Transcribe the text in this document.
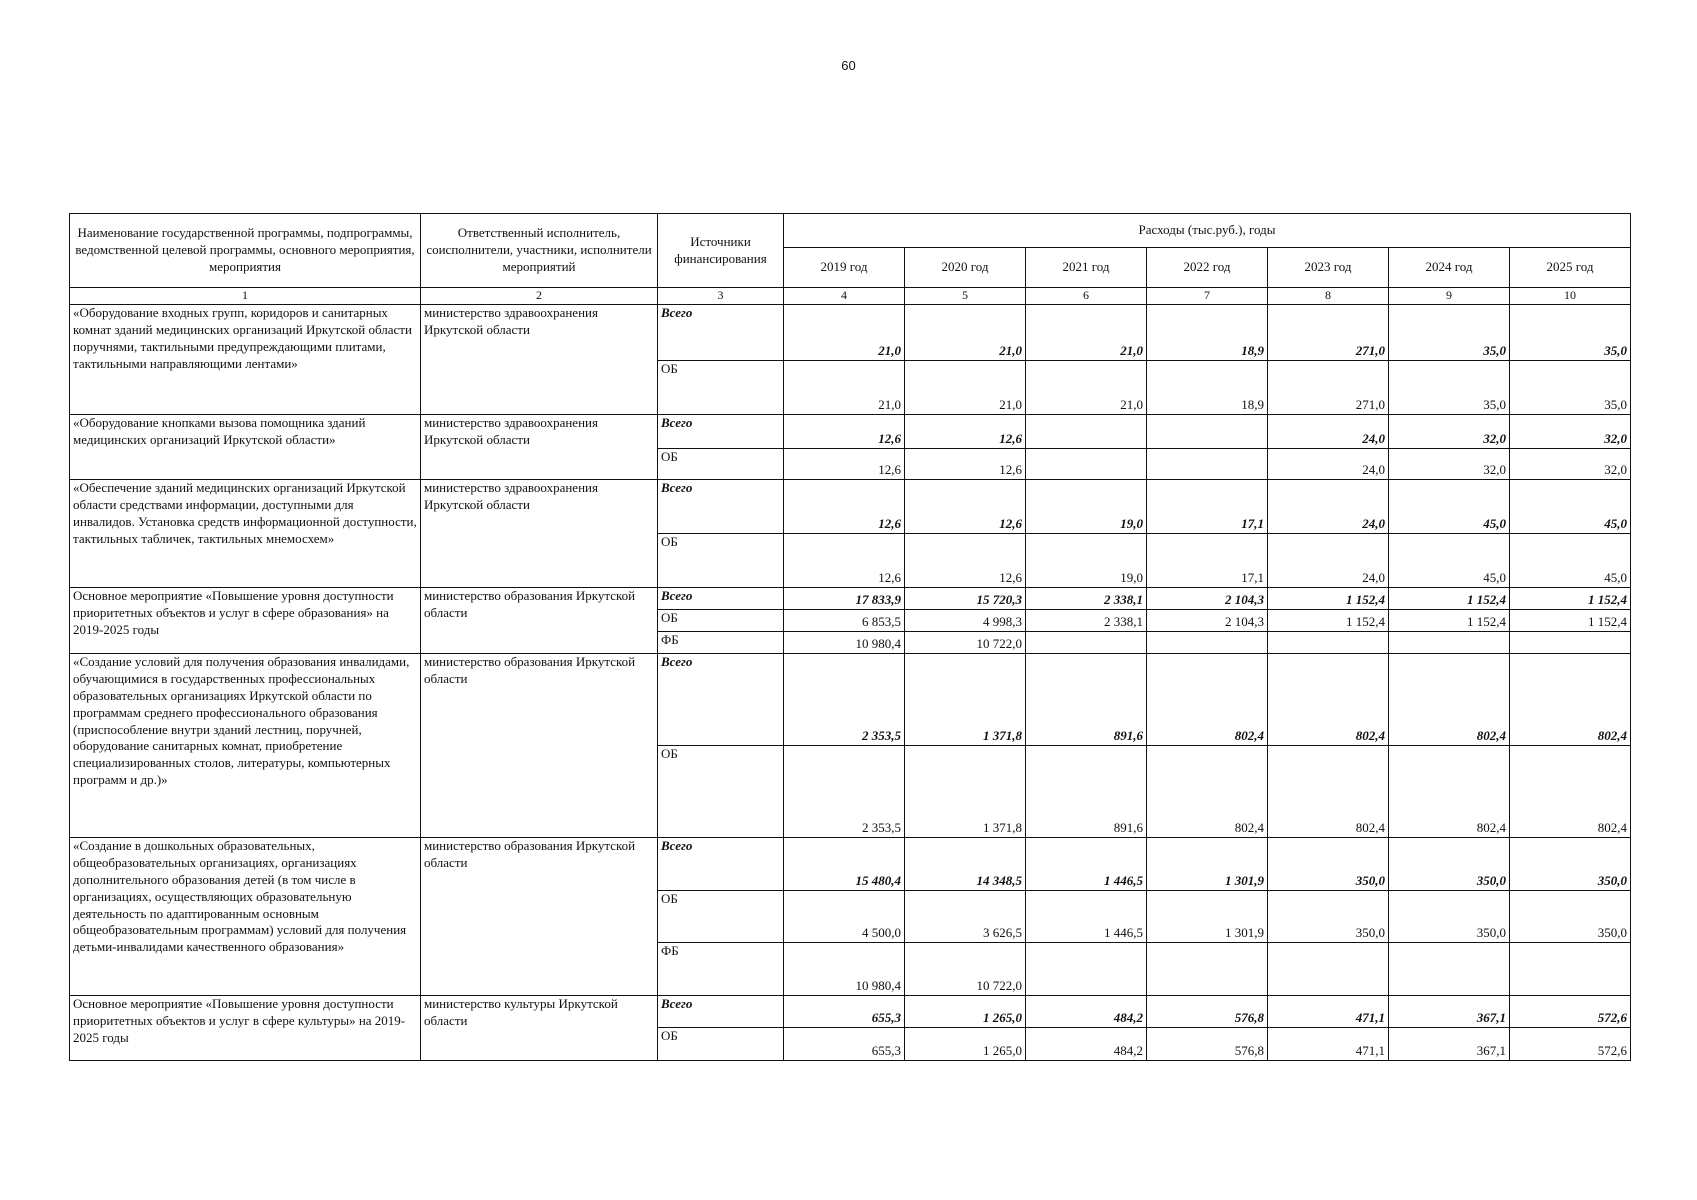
60
Наименование государственной программы, подпрограммы, ведомственной целевой программы, основного мероприятия, мероприятия	Ответственный исполнитель, соисполнители, участники, исполнители мероприятий	Источники финансирования	Расходы (тыс.руб.), годы						
			2019 год	2020 год	2021 год	2022 год	2023 год	2024 год	2025 год
1	2	3	4	5	6	7	8	9	10
«Оборудование входных групп, коридоров и санитарных комнат зданий медицинских организаций Иркутской области поручнями, тактильными предупреждающими плитами, тактильными направляющими лентами»	министерство здравоохранения Иркутской области	Всего	21,0	21,0	21,0	18,9	271,0	35,0	35,0
		ОБ	21,0	21,0	21,0	18,9	271,0	35,0	35,0
«Оборудование кнопками вызова помощника зданий медицинских организаций Иркутской области»	министерство здравоохранения Иркутской области	Всего	12,6	12,6			24,0	32,0	32,0
		ОБ	12,6	12,6			24,0	32,0	32,0
«Обеспечение зданий медицинских организаций Иркутской области средствами информации, доступными для инвалидов. Установка средств информационной доступности, тактильных табличек, тактильных мнемосхем»	министерство здравоохранения Иркутской области	Всего	12,6	12,6	19,0	17,1	24,0	45,0	45,0
		ОБ	12,6	12,6	19,0	17,1	24,0	45,0	45,0
Основное мероприятие «Повышение уровня доступности приоритетных объектов и услуг в сфере образования» на 2019-2025 годы	министерство образования Иркутской области	Всего	17 833,9	15 720,3	2 338,1	2 104,3	1 152,4	1 152,4	1 152,4
		ОБ	6 853,5	4 998,3	2 338,1	2 104,3	1 152,4	1 152,4	1 152,4
		ФБ	10 980,4	10 722,0					
«Создание условий для получения образования инвалидами, обучающимися в государственных профессиональных образовательных организациях Иркутской области по программам среднего профессионального образования (приспособление внутри зданий лестниц, поручней, оборудование санитарных комнат, приобретение специализированных столов, литературы, компьютерных программ и др.)»	министерство образования Иркутской области	Всего	2 353,5	1 371,8	891,6	802,4	802,4	802,4	802,4
		ОБ	2 353,5	1 371,8	891,6	802,4	802,4	802,4	802,4
«Создание в дошкольных образовательных, общеобразовательных организациях, организациях дополнительного образования детей (в том числе в организациях, осуществляющих образовательную деятельность по адаптированным основным общеобразовательным программам) условий для получения детьми-инвалидами качественного образования»	министерство образования Иркутской области	Всего	15 480,4	14 348,5	1 446,5	1 301,9	350,0	350,0	350,0
		ОБ	4 500,0	3 626,5	1 446,5	1 301,9	350,0	350,0	350,0
		ФБ	10 980,4	10 722,0					
Основное мероприятие «Повышение уровня доступности приоритетных объектов и услуг в сфере культуры» на 2019-2025 годы	министерство культуры Иркутской области	Всего	655,3	1 265,0	484,2	576,8	471,1	367,1	572,6
		ОБ	655,3	1 265,0	484,2	576,8	471,1	367,1	572,6
